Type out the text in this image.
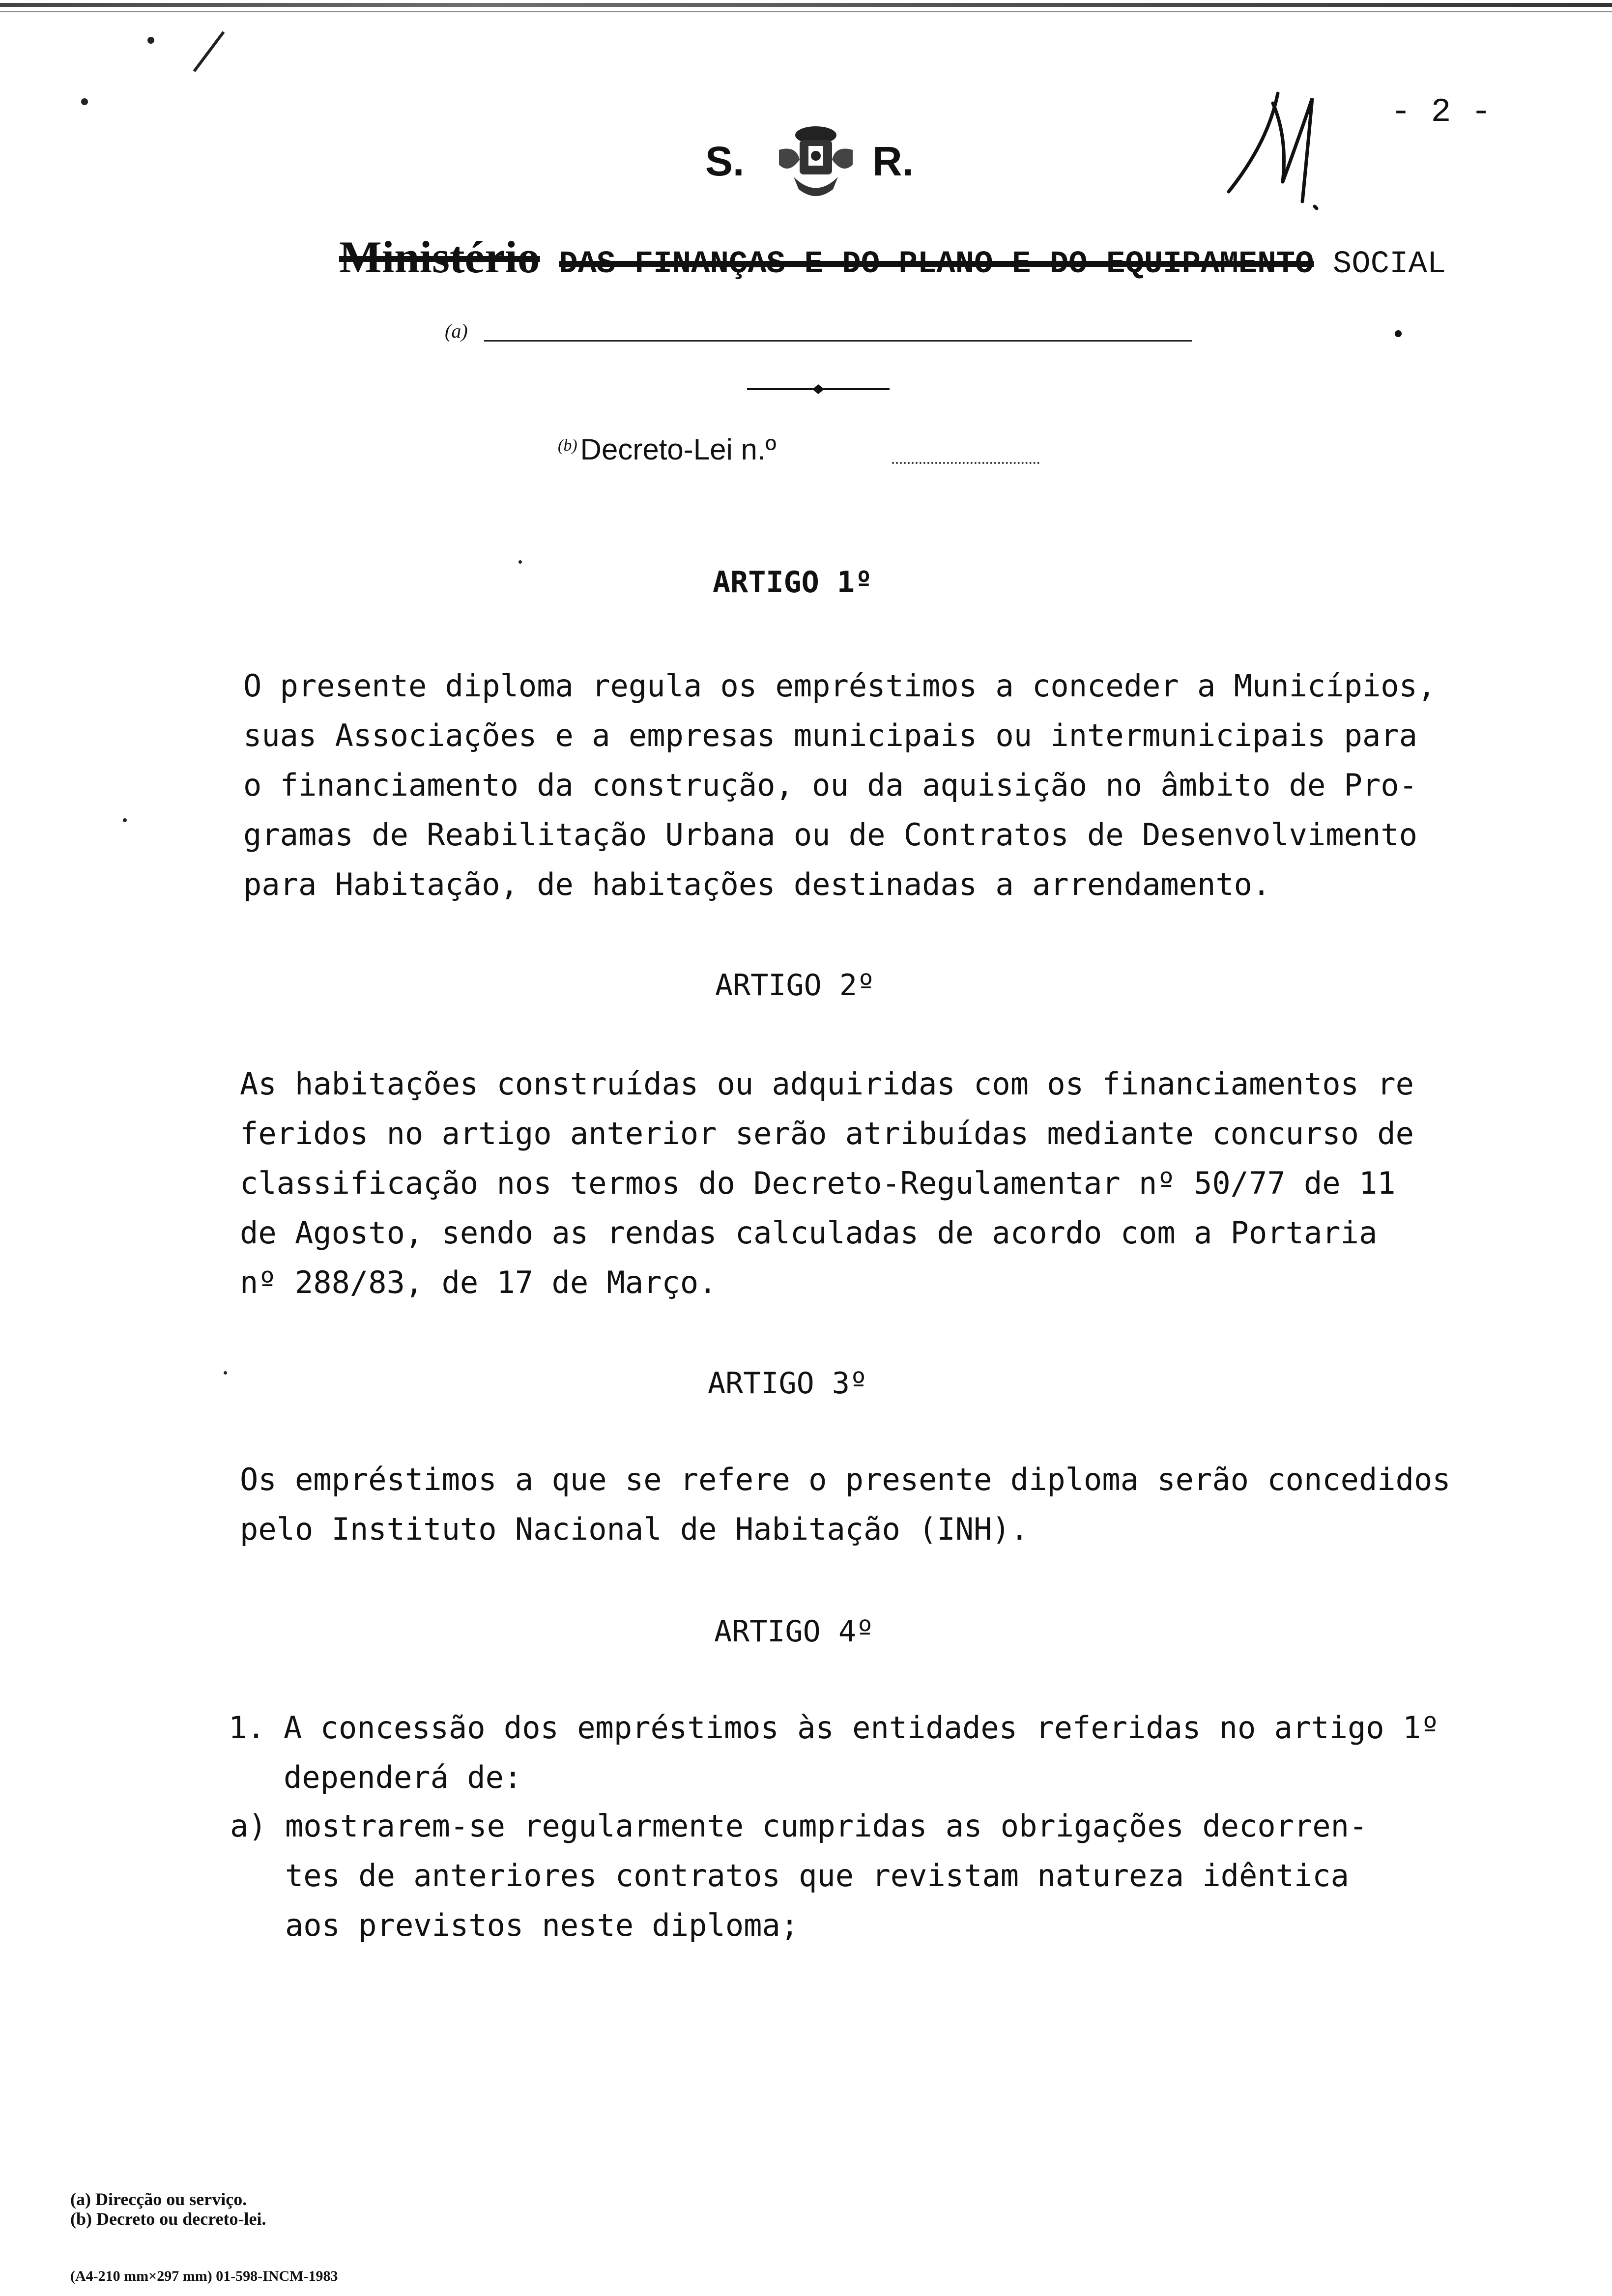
- 2 -
S.	R.
Ministério DAS FINANÇAS E DO PLANO E DO EQUIPAMENTO SOCIAL
(a)
$^{(b)}$ Decreto-Lei n.º
ARTIGO 1º
O presente diploma regula os empréstimos a conceder a Municípios,
suas Associações e a empresas municipais ou intermunicipais para
o financiamento da construção, ou da aquisição no âmbito de Pro-
gramas de Reabilitação Urbana ou de Contratos de Desenvolvimento
para Habitação, de habitações destinadas a arrendamento.
ARTIGO 2º
As habitações construídas ou adquiridas com os financiamentos re
feridos no artigo anterior serão atribuídas mediante concurso de
classificação nos termos do Decreto-Regulamentar nº 50/77 de 11
de Agosto, sendo as rendas calculadas de acordo com a Portaria
nº 288/83, de 17 de Março.
ARTIGO 3º
Os empréstimos a que se refere o presente diploma serão concedidos
pelo Instituto Nacional de Habitação (INH).
ARTIGO 4º
1. A concessão dos empréstimos às entidades referidas no artigo 1º
dependerá de:
a) mostrarem-se regularmente cumpridas as obrigações decorren-
tes de anteriores contratos que revistam natureza idêntica
aos previstos neste diploma;
(a) Direcção ou serviço.
(b) Decreto ou decreto-lei.
(A4-210 mm×297 mm) 01-598-INCM-1983
